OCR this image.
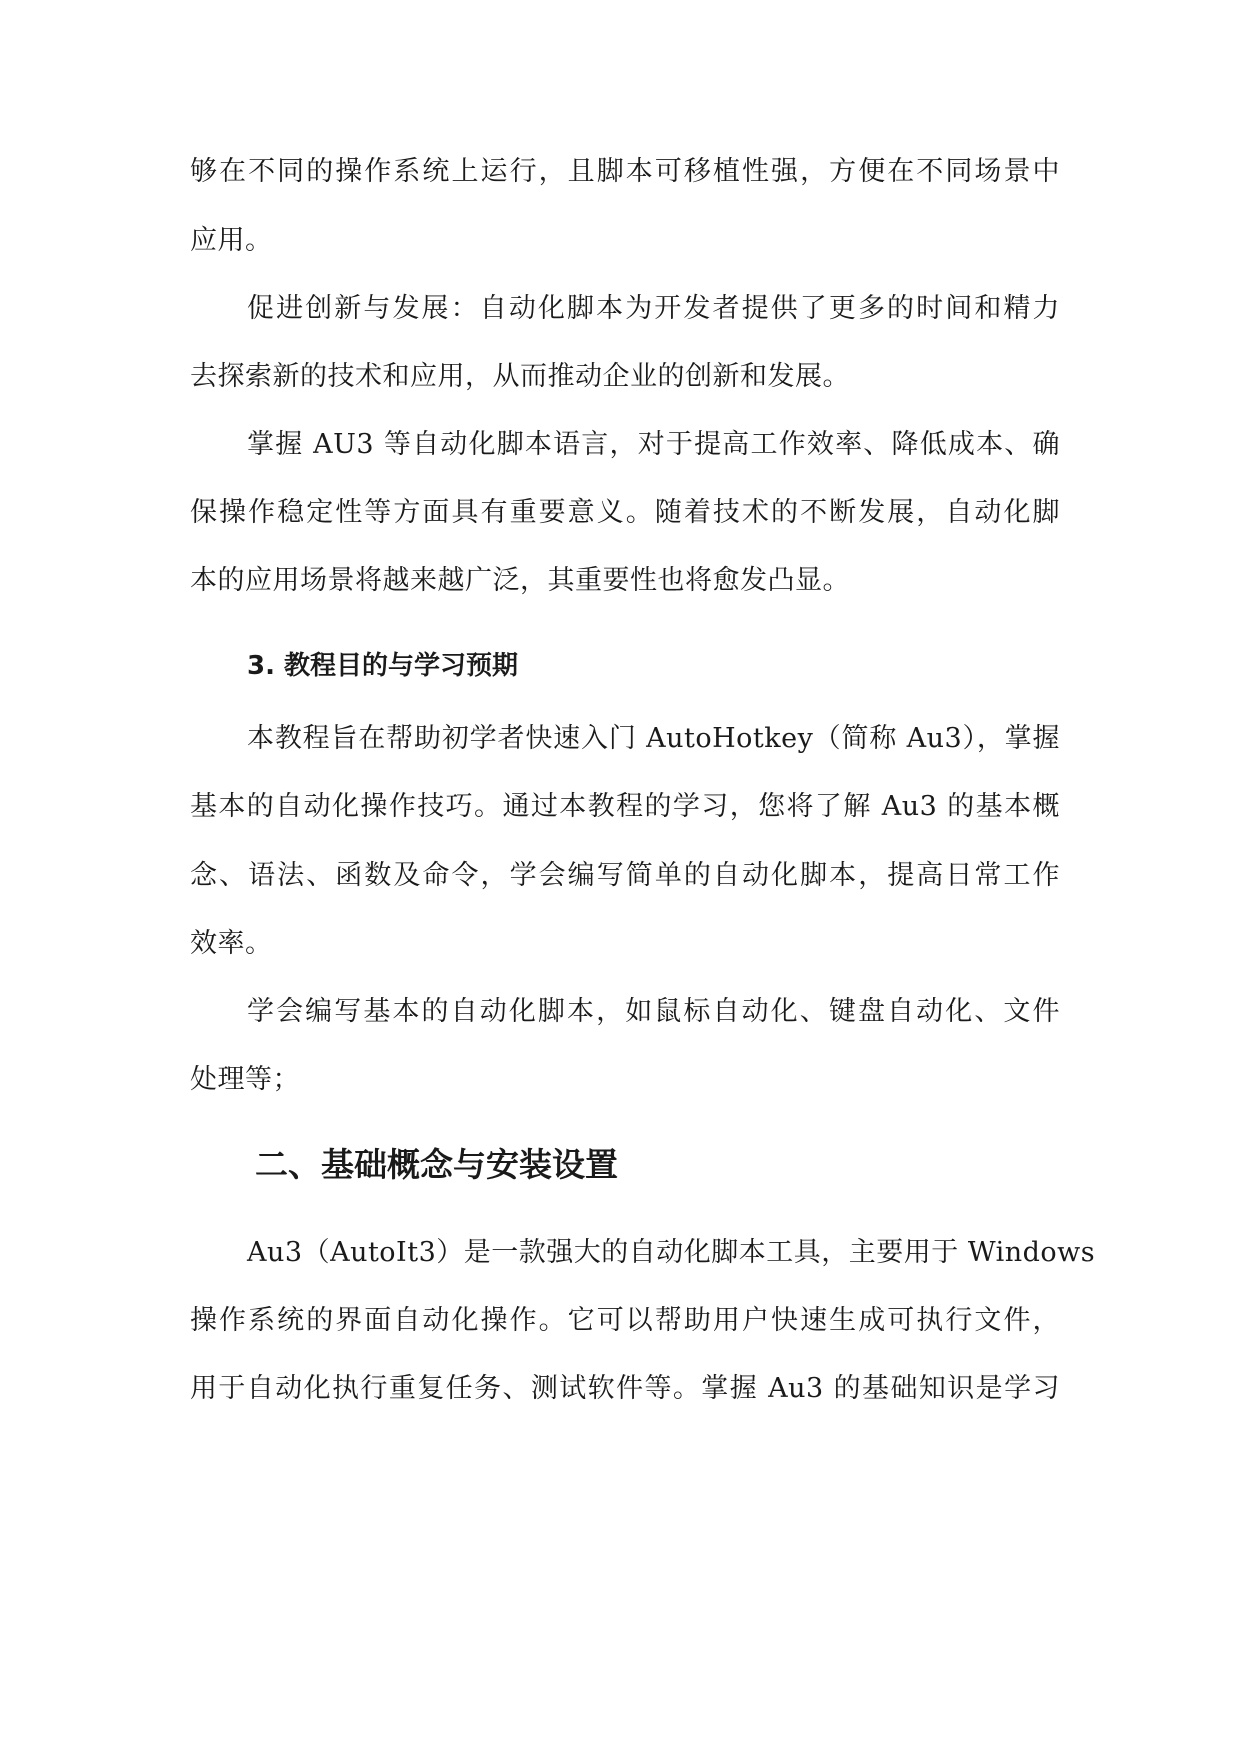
够在不同的操作系统上运行，且脚本可移植性强，方便在不同场景中
应用。
促进创新与发展：自动化脚本为开发者提供了更多的时间和精力
去探索新的技术和应用，从而推动企业的创新和发展。
掌握 AU3 等自动化脚本语言，对于提高工作效率、降低成本、确
保操作稳定性等方面具有重要意义。随着技术的不断发展，自动化脚
本的应用场景将越来越广泛，其重要性也将愈发凸显。
3. 教程目的与学习预期
本教程旨在帮助初学者快速入门 AutoHotkey（简称 Au3），掌握
基本的自动化操作技巧。通过本教程的学习，您将了解 Au3 的基本概
念、语法、函数及命令，学会编写简单的自动化脚本，提高日常工作
效率。
学会编写基本的自动化脚本，如鼠标自动化、键盘自动化、文件
处理等；
二、基础概念与安装设置
Au3（AutoIt3）是一款强大的自动化脚本工具，主要用于 Windows
操作系统的界面自动化操作。它可以帮助用户快速生成可执行文件，
用于自动化执行重复任务、测试软件等。掌握 Au3 的基础知识是学习
